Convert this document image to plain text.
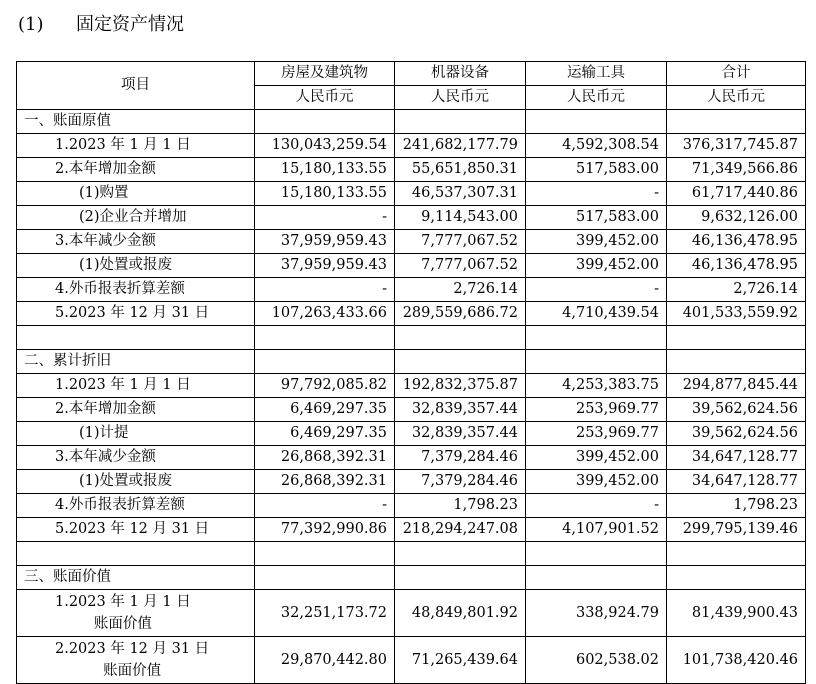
(1) 固定资产情况
项目	房屋及建筑物	机器设备	运输工具	合计
	人民币元	人民币元	人民币元	人民币元
一、账面原值				
1.2023 年 1 月 1 日	130,043,259.54	241,682,177.79	4,592,308.54	376,317,745.87
2.本年增加金额	15,180,133.55	55,651,850.31	517,583.00	71,349,566.86
(1)购置	15,180,133.55	46,537,307.31	-	61,717,440.86
(2)企业合并增加	-	9,114,543.00	517,583.00	9,632,126.00
3.本年减少金额	37,959,959.43	7,777,067.52	399,452.00	46,136,478.95
(1)处置或报废	37,959,959.43	7,777,067.52	399,452.00	46,136,478.95
4.外币报表折算差额	-	2,726.14	-	2,726.14
5.2023 年 12 月 31 日	107,263,433.66	289,559,686.72	4,710,439.54	401,533,559.92

二、累计折旧				
1.2023 年 1 月 1 日	97,792,085.82	192,832,375.87	4,253,383.75	294,877,845.44
2.本年增加金额	6,469,297.35	32,839,357.44	253,969.77	39,562,624.56
(1)计提	6,469,297.35	32,839,357.44	253,969.77	39,562,624.56
3.本年减少金额	26,868,392.31	7,379,284.46	399,452.00	34,647,128.77
(1)处置或报废	26,868,392.31	7,379,284.46	399,452.00	34,647,128.77
4.外币报表折算差额	-	1,798.23	-	1,798.23
5.2023 年 12 月 31 日	77,392,990.86	218,294,247.08	4,107,901.52	299,795,139.46

三、账面价值				
1.2023 年 1 月 1 日
账面价值	32,251,173.72	48,849,801.92	338,924.79	81,439,900.43
2.2023 年 12 月 31 日
账面价值	29,870,442.80	71,265,439.64	602,538.02	101,738,420.46
